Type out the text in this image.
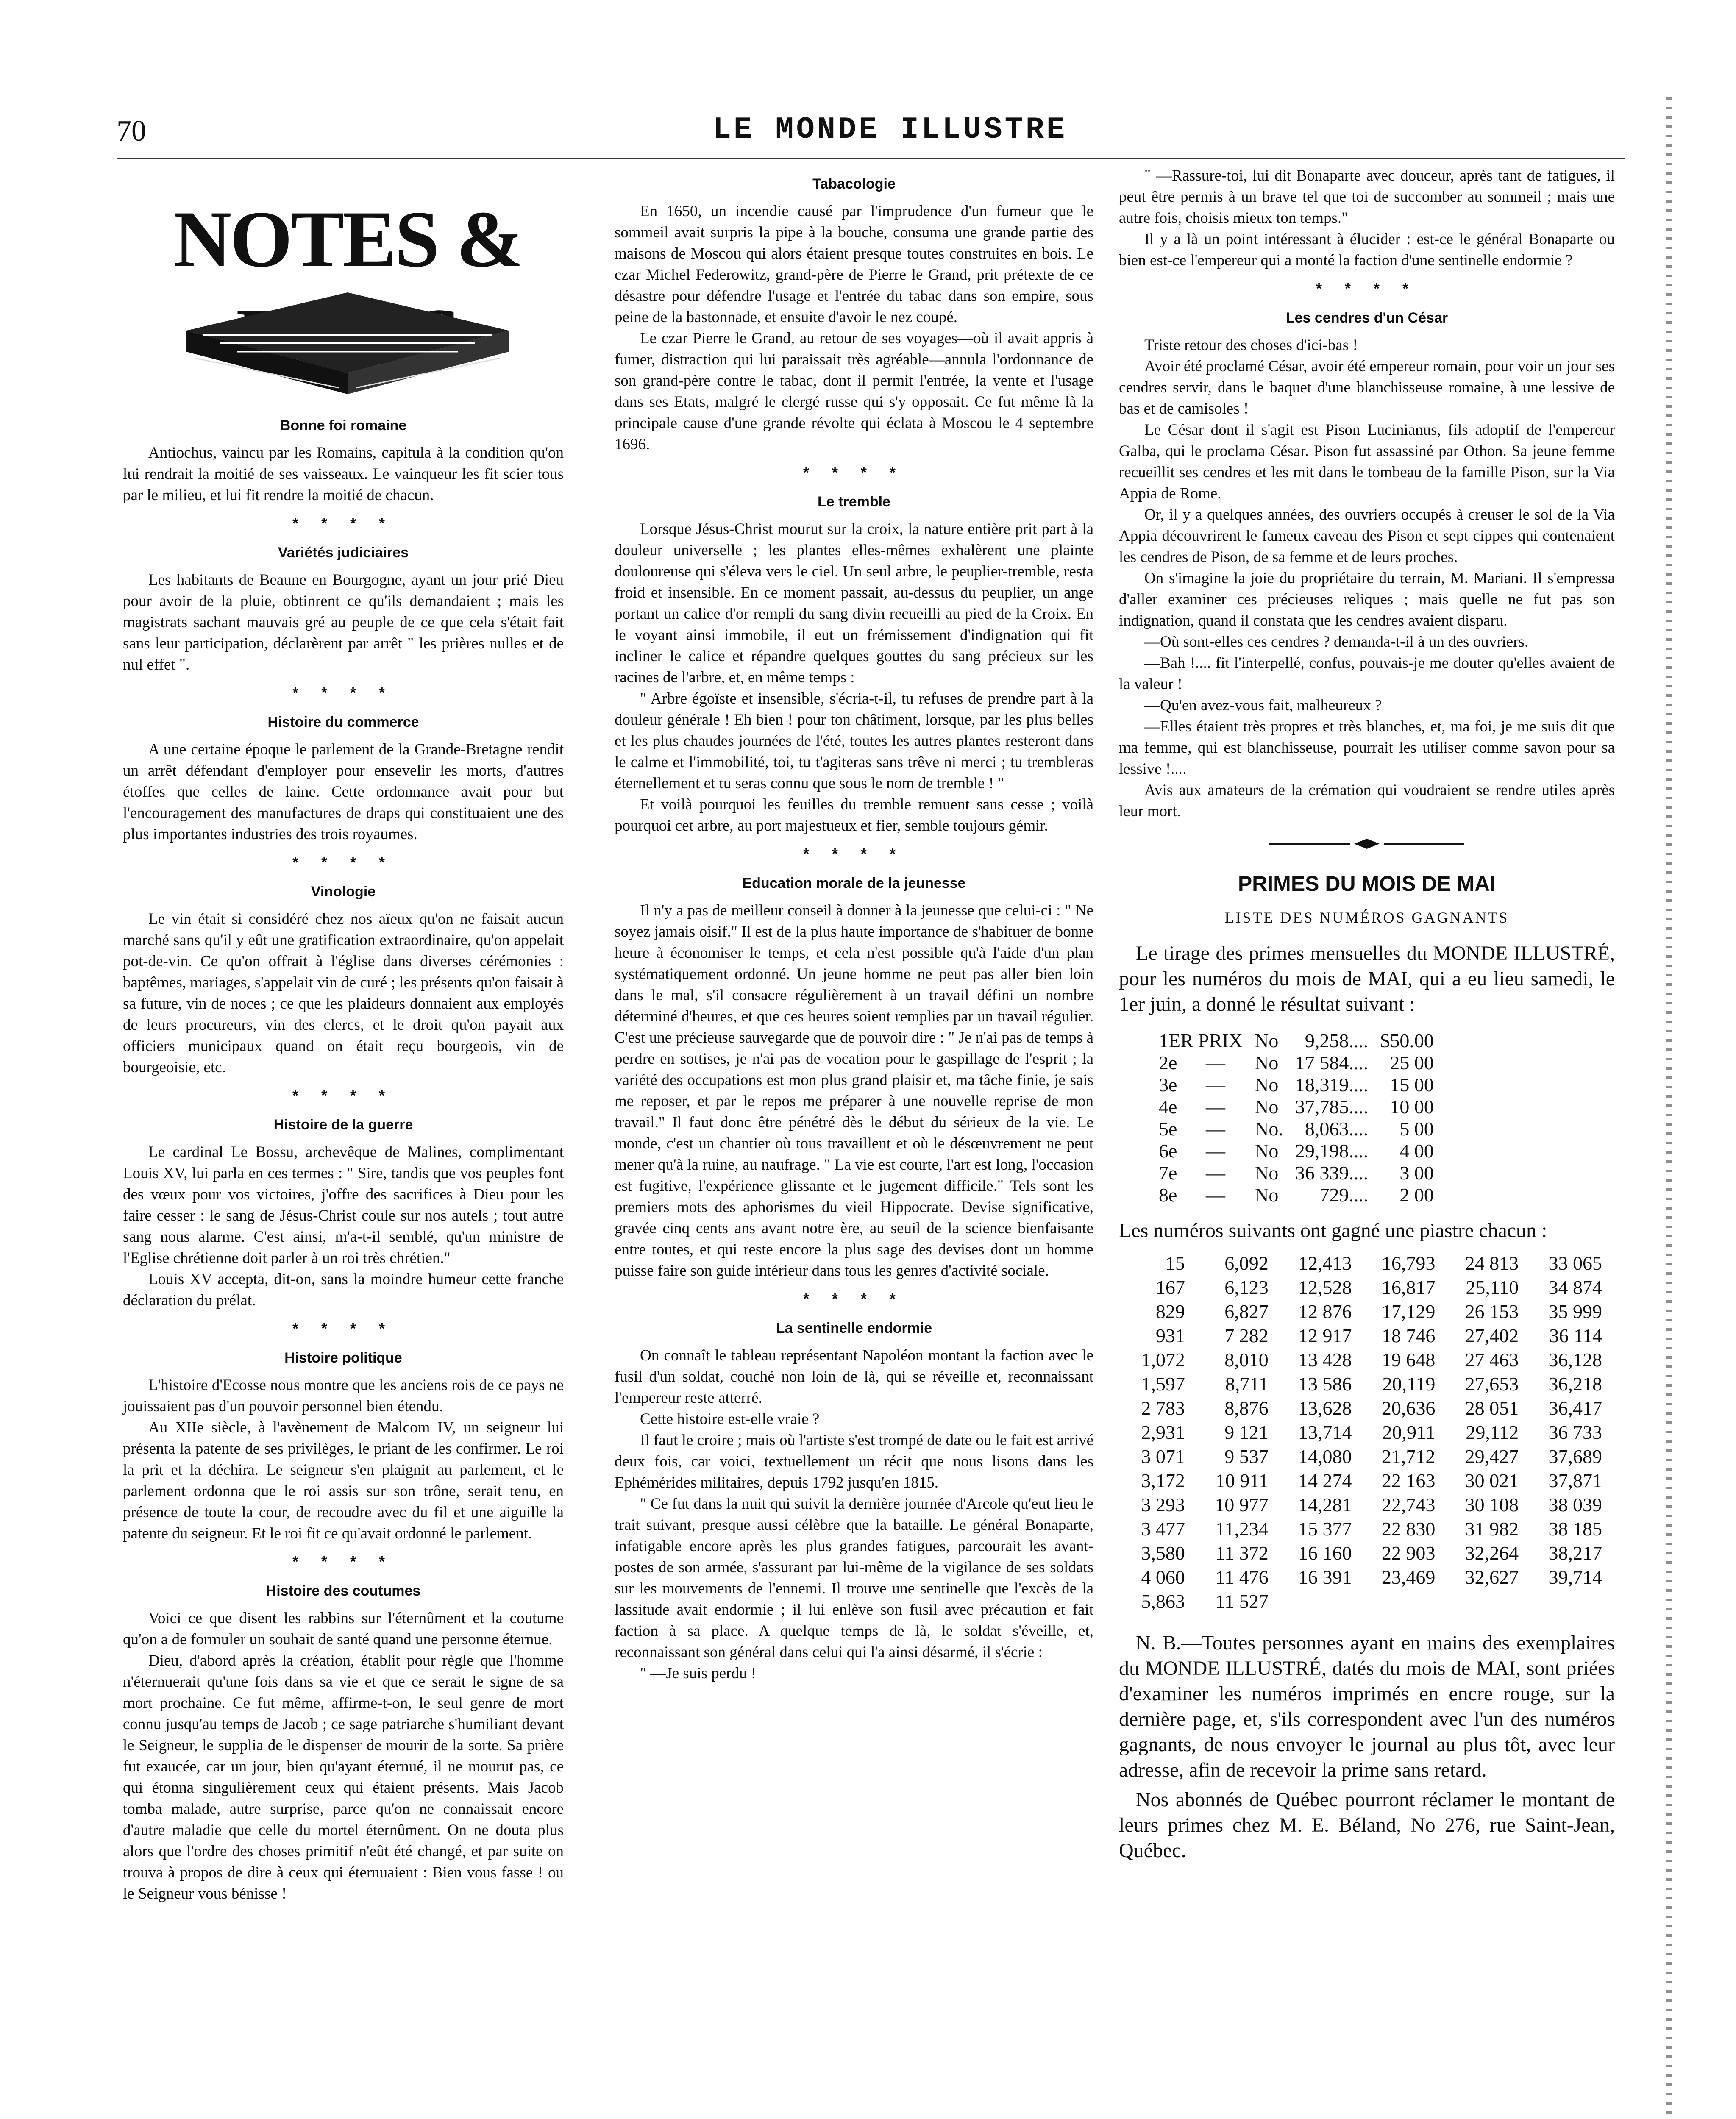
70	LE MONDE ILLUSTRE
NOTES &
Bonne foi romaine

Antiochus, vaincu par les Romains, capitula à la condition qu'on lui rendrait la moitié de ses vaisseaux. Le vainqueur les fit scier tous par le milieu, et lui fit rendre la moitié de chacun.

* * * *
Variétés judiciaires

Les habitants de Beaune en Bourgogne, ayant un jour prié Dieu pour avoir de la pluie, obtinrent ce qu'ils demandaient ; mais les magistrats sachant mauvais gré au peuple de ce que cela s'était fait sans leur participation, déclarèrent par arrêt " les prières nulles et de nul effet ".

* * * *
Histoire du commerce

A une certaine époque le parlement de la Grande-Bretagne rendit un arrêt défendant d'employer pour ensevelir les morts, d'autres étoffes que celles de laine. Cette ordonnance avait pour but l'encouragement des manufactures de draps qui constituaient une des plus importantes industries des trois royaumes.

* * * *
Vinologie

Le vin était si considéré chez nos aïeux qu'on ne faisait aucun marché sans qu'il y eût une gratification extraordinaire, qu'on appelait pot-de-vin. Ce qu'on offrait à l'église dans diverses cérémonies : baptêmes, mariages, s'appelait vin de curé ; les présents qu'on faisait à sa future, vin de noces ; ce que les plaideurs donnaient aux employés de leurs procureurs, vin des clercs, et le droit qu'on payait aux officiers municipaux quand on était reçu bourgeois, vin de bourgeoisie, etc.

* * * *
Histoire de la guerre

Le cardinal Le Bossu, archevêque de Malines, complimentant Louis XV, lui parla en ces termes : " Sire, tandis que vos peuples font des vœux pour vos victoires, j'offre des sacrifices à Dieu pour les faire cesser : le sang de Jésus-Christ coule sur nos autels ; tout autre sang nous alarme. C'est ainsi, m'a-t-il semblé, qu'un ministre de l'Eglise chrétienne doit parler à un roi très chrétien."

Louis XV accepta, dit-on, sans la moindre humeur cette franche déclaration du prélat.

* * * *
Histoire politique

L'histoire d'Ecosse nous montre que les anciens rois de ce pays ne jouissaient pas d'un pouvoir personnel bien étendu.

Au XIIe siècle, à l'avènement de Malcom IV, un seigneur lui présenta la patente de ses privilèges, le priant de les confirmer. Le roi la prit et la déchira. Le seigneur s'en plaignit au parlement, et le parlement ordonna que le roi assis sur son trône, serait tenu, en présence de toute la cour, de recoudre avec du fil et une aiguille la patente du seigneur. Et le roi fit ce qu'avait ordonné le parlement.

* * * *
Histoire des coutumes

Voici ce que disent les rabbins sur l'éternûment et la coutume qu'on a de formuler un souhait de santé quand une personne éternue.

Dieu, d'abord après la création, établit pour règle que l'homme n'éternuerait qu'une fois dans sa vie et que ce serait le signe de sa mort prochaine. Ce fut même, affirme-t-on, le seul genre de mort connu jusqu'au temps de Jacob ; ce sage patriarche s'humiliant devant le Seigneur, le supplia de le dispenser de mourir de la sorte. Sa prière fut exaucée, car un jour, bien qu'ayant éternué, il ne mourut pas, ce qui étonna singulièrement ceux qui étaient présents. Mais Jacob tomba malade, autre surprise, parce qu'on ne connaissait encore d'autre maladie que celle du mortel éternûment. On ne douta plus alors que l'ordre des choses primitif n'eût été changé, et par suite on trouva à propos de dire à ceux qui éternuaient : Bien vous fasse ! ou le Seigneur vous bénisse !

Tabacologie

En 1650, un incendie causé par l'imprudence d'un fumeur que le sommeil avait surpris la pipe à la bouche, consuma une grande partie des maisons de Moscou qui alors étaient presque toutes construites en bois. Le czar Michel Federowitz, grand-père de Pierre le Grand, prit prétexte de ce désastre pour défendre l'usage et l'entrée du tabac dans son empire, sous peine de la bastonnade, et ensuite d'avoir le nez coupé.

Le czar Pierre le Grand, au retour de ses voyages—où il avait appris à fumer, distraction qui lui paraissait très agréable—annula l'ordonnance de son grand-père contre le tabac, dont il permit l'entrée, la vente et l'usage dans ses Etats, malgré le clergé russe qui s'y opposait. Ce fut même là la principale cause d'une grande révolte qui éclata à Moscou le 4 septembre 1696.

* * * *
Le tremble

Lorsque Jésus-Christ mourut sur la croix, la nature entière prit part à la douleur universelle ; les plantes elles-mêmes exhalèrent une plainte douloureuse qui s'éleva vers le ciel. Un seul arbre, le peuplier-tremble, resta froid et insensible. En ce moment passait, au-dessus du peuplier, un ange portant un calice d'or rempli du sang divin recueilli au pied de la Croix. En le voyant ainsi immobile, il eut un frémissement d'indignation qui fit incliner le calice et répandre quelques gouttes du sang précieux sur les racines de l'arbre, et, en même temps :

" Arbre égoïste et insensible, s'écria-t-il, tu refuses de prendre part à la douleur générale ! Eh bien ! pour ton châtiment, lorsque, par les plus belles et les plus chaudes journées de l'été, toutes les autres plantes resteront dans le calme et l'immobilité, toi, tu t'agiteras sans trêve ni merci ; tu trembleras éternellement et tu seras connu que sous le nom de tremble ! "

Et voilà pourquoi les feuilles du tremble remuent sans cesse ; voilà pourquoi cet arbre, au port majestueux et fier, semble toujours gémir.

* * * *
Education morale de la jeunesse

Il n'y a pas de meilleur conseil à donner à la jeunesse que celui-ci : " Ne soyez jamais oisif." Il est de la plus haute importance de s'habituer de bonne heure à économiser le temps, et cela n'est possible qu'à l'aide d'un plan systématiquement ordonné. Un jeune homme ne peut pas aller bien loin dans le mal, s'il consacre régulièrement à un travail défini un nombre déterminé d'heures, et que ces heures soient remplies par un travail régulier. C'est une précieuse sauvegarde que de pouvoir dire : " Je n'ai pas de temps à perdre en sottises, je n'ai pas de vocation pour le gaspillage de l'esprit ; la variété des occupations est mon plus grand plaisir et, ma tâche finie, je sais me reposer, et par le repos me préparer à une nouvelle reprise de mon travail." Il faut donc être pénétré dès le début du sérieux de la vie. Le monde, c'est un chantier où tous travaillent et où le désœuvrement ne peut mener qu'à la ruine, au naufrage. " La vie est courte, l'art est long, l'occasion est fugitive, l'expérience glissante et le jugement difficile." Tels sont les premiers mots des aphorismes du vieil Hippocrate. Devise significative, gravée cinq cents ans avant notre ère, au seuil de la science bienfaisante entre toutes, et qui reste encore la plus sage des devises dont un homme puisse faire son guide intérieur dans tous les genres d'activité sociale.

* * * *
La sentinelle endormie

On connaît le tableau représentant Napoléon montant la faction avec le fusil d'un soldat, couché non loin de là, qui se réveille et, reconnaissant l'empereur reste atterré.

Cette histoire est-elle vraie ?

Il faut le croire ; mais où l'artiste s'est trompé de date ou le fait est arrivé deux fois, car voici, textuellement un récit que nous lisons dans les Ephémérides militaires, depuis 1792 jusqu'en 1815.

" Ce fut dans la nuit qui suivit la dernière journée d'Arcole qu'eut lieu le trait suivant, presque aussi célèbre que la bataille. Le général Bonaparte, infatigable encore après les plus grandes fatigues, parcourait les avant-postes de son armée, s'assurant par lui-même de la vigilance de ses soldats sur les mouvements de l'ennemi. Il trouve une sentinelle que l'excès de la lassitude avait endormie ; il lui enlève son fusil avec précaution et fait faction à sa place. A quelque temps de là, le soldat s'éveille, et, reconnaissant son général dans celui qui l'a ainsi désarmé, il s'écrie :

" —Je suis perdu !

" —Rassure-toi, lui dit Bonaparte avec douceur, après tant de fatigues, il peut être permis à un brave tel que toi de succomber au sommeil ; mais une autre fois, choisis mieux ton temps."

Il y a là un point intéressant à élucider : est-ce le général Bonaparte ou bien est-ce l'empereur qui a monté la faction d'une sentinelle endormie ?

* * * *
Les cendres d'un César

Triste retour des choses d'ici-bas !

Avoir été proclamé César, avoir été empereur romain, pour voir un jour ses cendres servir, dans le baquet d'une blanchisseuse romaine, à une lessive de bas et de camisoles !

Le César dont il s'agit est Pison Lucinianus, fils adoptif de l'empereur Galba, qui le proclama César. Pison fut assassiné par Othon. Sa jeune femme recueillit ses cendres et les mit dans le tombeau de la famille Pison, sur la Via Appia de Rome.

Or, il y a quelques années, des ouvriers occupés à creuser le sol de la Via Appia découvrirent le fameux caveau des Pison et sept cippes qui contenaient les cendres de Pison, de sa femme et de leurs proches.

On s'imagine la joie du propriétaire du terrain, M. Mariani. Il s'empressa d'aller examiner ces précieuses reliques ; mais quelle ne fut pas son indignation, quand il constata que les cendres avaient disparu.

—Où sont-elles ces cendres ? demanda-t-il à un des ouvriers.

—Bah !.... fit l'interpellé, confus, pouvais-je me douter qu'elles avaient de la valeur !

—Qu'en avez-vous fait, malheureux ?

—Elles étaient très propres et très blanches, et, ma foi, je me suis dit que ma femme, qui est blanchisseuse, pourrait les utiliser comme savon pour sa lessive !....

Avis aux amateurs de la crémation qui voudraient se rendre utiles après leur mort.

PRIMES DU MOIS DE MAI
LISTE DES NUMÉROS GAGNANTS
Le tirage des primes mensuelles du MONDE ILLUSTRÉ, pour les numéros du mois de MAI, qui a eu lieu samedi, le 1er juin, a donné le résultat suivant :
1ER PRIX		No	9,258....	$50.00
2e	—	No	17 584....	25 00
3e	—	No	18,319....	15 00
4e	—	No	37,785....	10 00
5e	—	No.	8,063....	5 00
6e	—	No	29,198....	4 00
7e	—	No	36 339....	3 00
8e	—	No	729....	2 00
Les numéros suivants ont gagné une piastre chacun :
15	6,092	12,413	16,793	24 813	33 065
167	6,123	12,528	16,817	25,110	34 874
829	6,827	12 876	17,129	26 153	35 999
931	7 282	12 917	18 746	27,402	36 114
1,072	8,010	13 428	19 648	27 463	36,128
1,597	8,711	13 586	20,119	27,653	36,218
2 783	8,876	13,628	20,636	28 051	36,417
2,931	9 121	13,714	20,911	29,112	36 733
3 071	9 537	14,080	21,712	29,427	37,689
3,172	10 911	14 274	22 163	30 021	37,871
3 293	10 977	14,281	22,743	30 108	38 039
3 477	11,234	15 377	22 830	31 982	38 185
3,580	11 372	16 160	22 903	32,264	38,217
4 060	11 476	16 391	23,469	32,627	39,714
5,863	11 527				
N. B.—Toutes personnes ayant en mains des exemplaires du MONDE ILLUSTRÉ, datés du mois de MAI, sont priées d'examiner les numéros imprimés en encre rouge, sur la dernière page, et, s'ils correspondent avec l'un des numéros gagnants, de nous envoyer le journal au plus tôt, avec leur adresse, afin de recevoir la prime sans retard.
Nos abonnés de Québec pourront réclamer le montant de leurs primes chez M. E. Béland, No 276, rue Saint-Jean, Québec.
